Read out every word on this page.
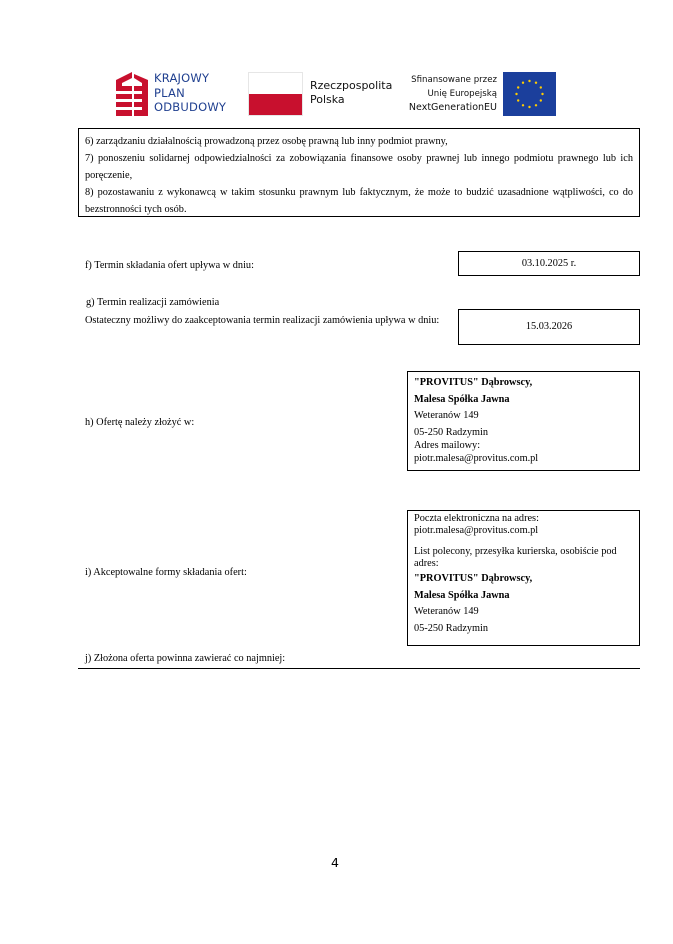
KRAJOWY
PLAN
ODBUDOWY
Rzeczpospolita
Polska
Sfinansowane przez
Unię Europejską
NextGenerationEU

6) zarządzaniu działalnością prowadzoną przez osobę prawną lub inny podmiot prawny,

7) ponoszeniu solidarnej odpowiedzialności za zobowiązania finansowe osoby prawnej lub innego podmiotu prawnego lub ich poręczenie,

8) pozostawaniu z wykonawcą w takim stosunku prawnym lub faktycznym, że może to budzić uzasadnione wątpliwości, co do bezstronności tych osób.

f) Termin składania ofert upływa w dniu:	03.10.2025 r.
g) Termin realizacji zamówienia
Ostateczny możliwy do zaakceptowania termin realizacji zamówienia upływa w dniu:
15.03.2026
h) Ofertę należy złożyć w:
"PROVITUS" Dąbrowscy,
Malesa Spółka Jawna
Weteranów 149
05-250 Radzymin
Adres mailowy:
piotr.malesa@provitus.com.pl
i) Akceptowalne formy składania ofert:
Poczta elektroniczna na adres:
piotr.malesa@provitus.com.pl
List polecony, przesyłka kurierska, osobiście pod adres:
"PROVITUS" Dąbrowscy,
Malesa Spółka Jawna
Weteranów 149
05-250 Radzymin
j) Złożona oferta powinna zawierać co najmniej:
4
